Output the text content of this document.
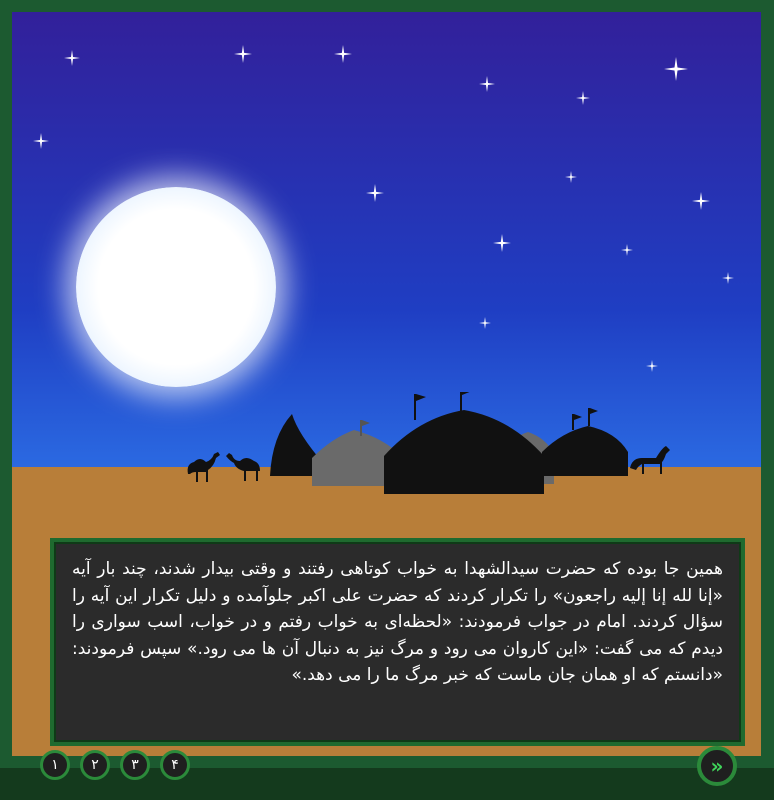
همین جا بوده که حضرت سیدالشهدا به خواب کوتاهی رفتند و وقتی بیدار شدند، چند بار آیه «إنا لله إنا إليه راجعون» را تکرار کردند که حضرت علی اکبر جلوآمده و دلیل تکرار این آیه را سؤال کردند. امام در جواب فرمودند: «لحظه‌ای به خواب رفتم و در خواب، اسب سواری را دیدم که می گفت: «این کاروان می رود و مرگ نیز به دنبال آن ها می رود.» سپس فرمودند: «دانستم که او همان جان ماست که خبر مرگ ما را می دهد.»

۱	۲	۳	۴	»
